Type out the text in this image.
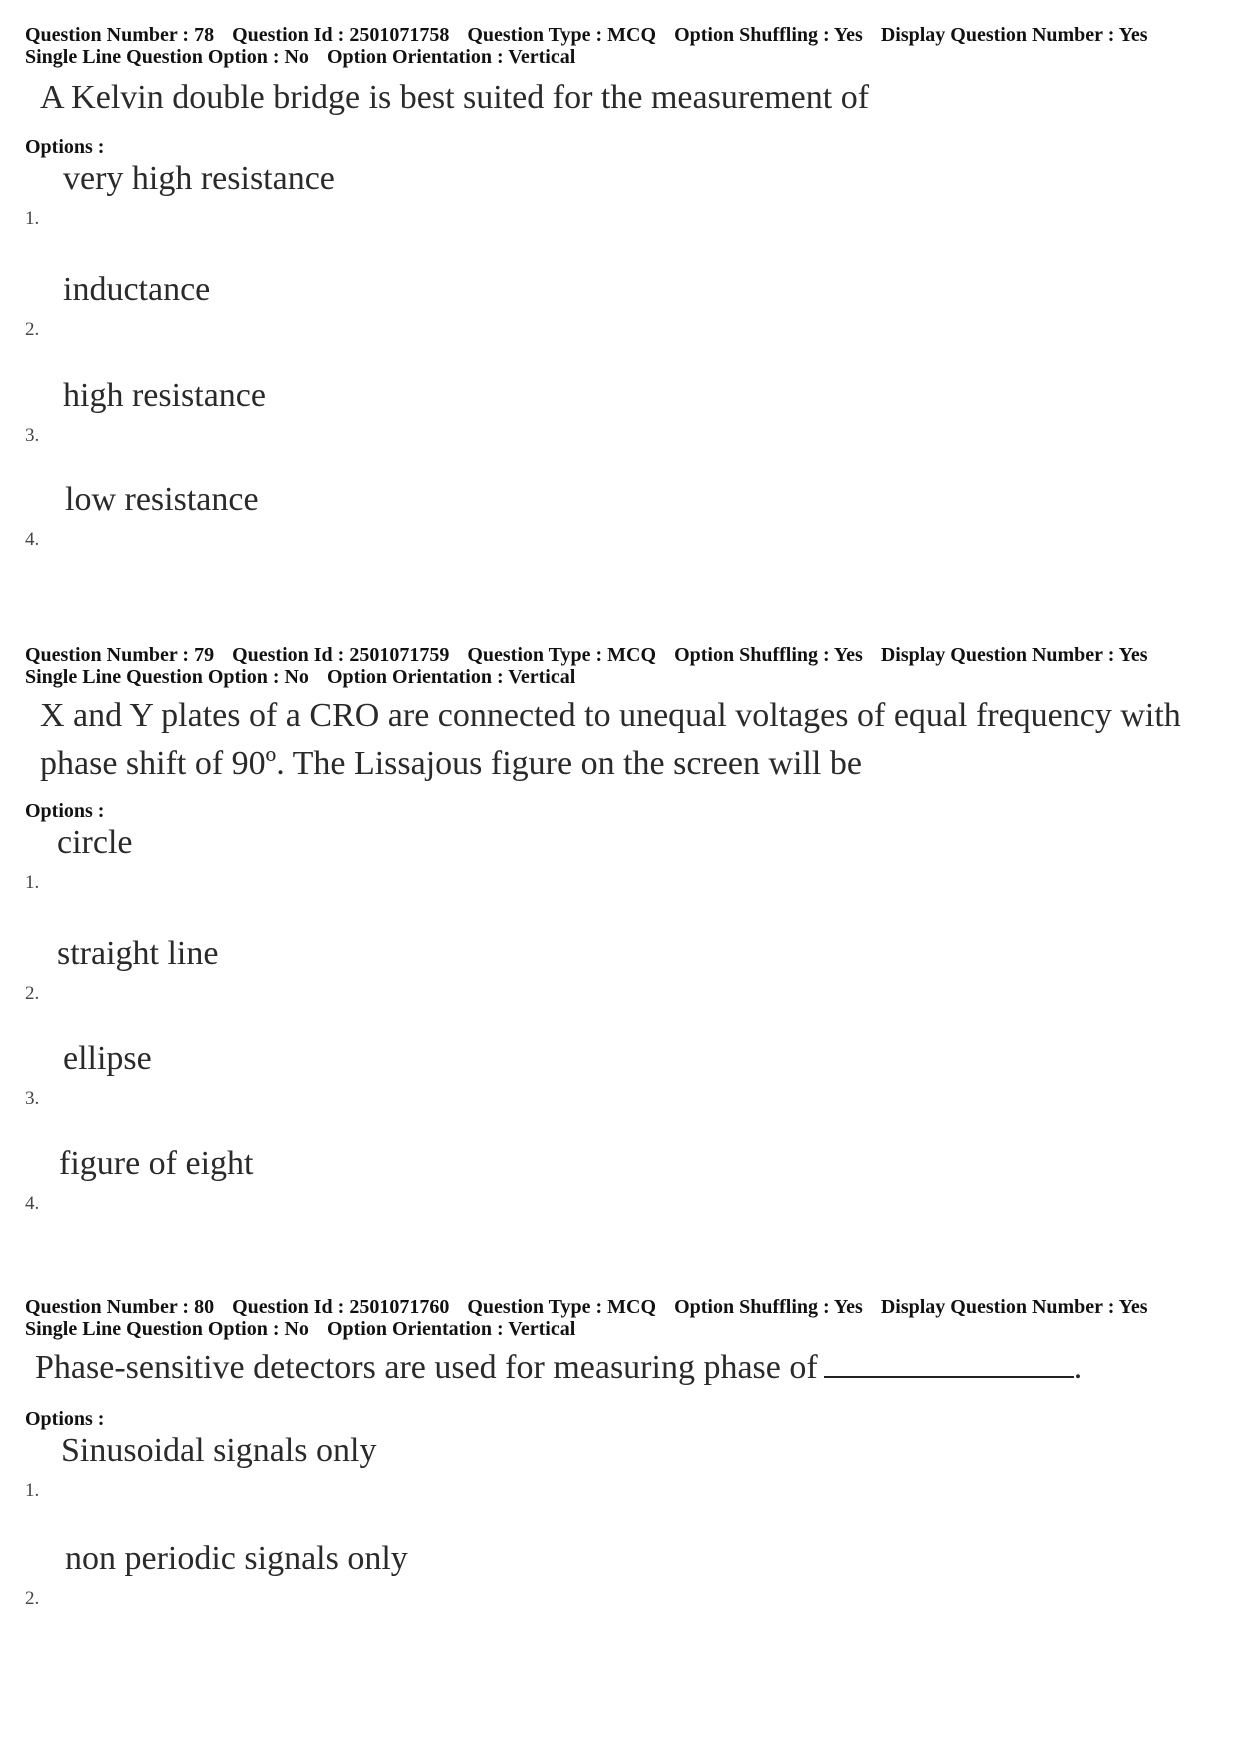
Question Number : 78 Question Id : 2501071758 Question Type : MCQ Option Shuffling : Yes Display Question Number : Yes
Single Line Question Option : No Option Orientation : Vertical
A Kelvin double bridge is best suited for the measurement of
Options :
1.
very high resistance
2.
inductance
3.
high resistance
4.
low resistance
Question Number : 79 Question Id : 2501071759 Question Type : MCQ Option Shuffling : Yes Display Question Number : Yes
Single Line Question Option : No Option Orientation : Vertical
X and Y plates of a CRO are connected to unequal voltages of equal frequency with
phase shift of 90º. The Lissajous figure on the screen will be
Options :
1.
circle
2.
straight line
3.
ellipse
4.
figure of eight
Question Number : 80 Question Id : 2501071760 Question Type : MCQ Option Shuffling : Yes Display Question Number : Yes
Single Line Question Option : No Option Orientation : Vertical
Phase-sensitive detectors are used for measuring phase of	.
Options :
1.
Sinusoidal signals only
2.
non periodic signals only
